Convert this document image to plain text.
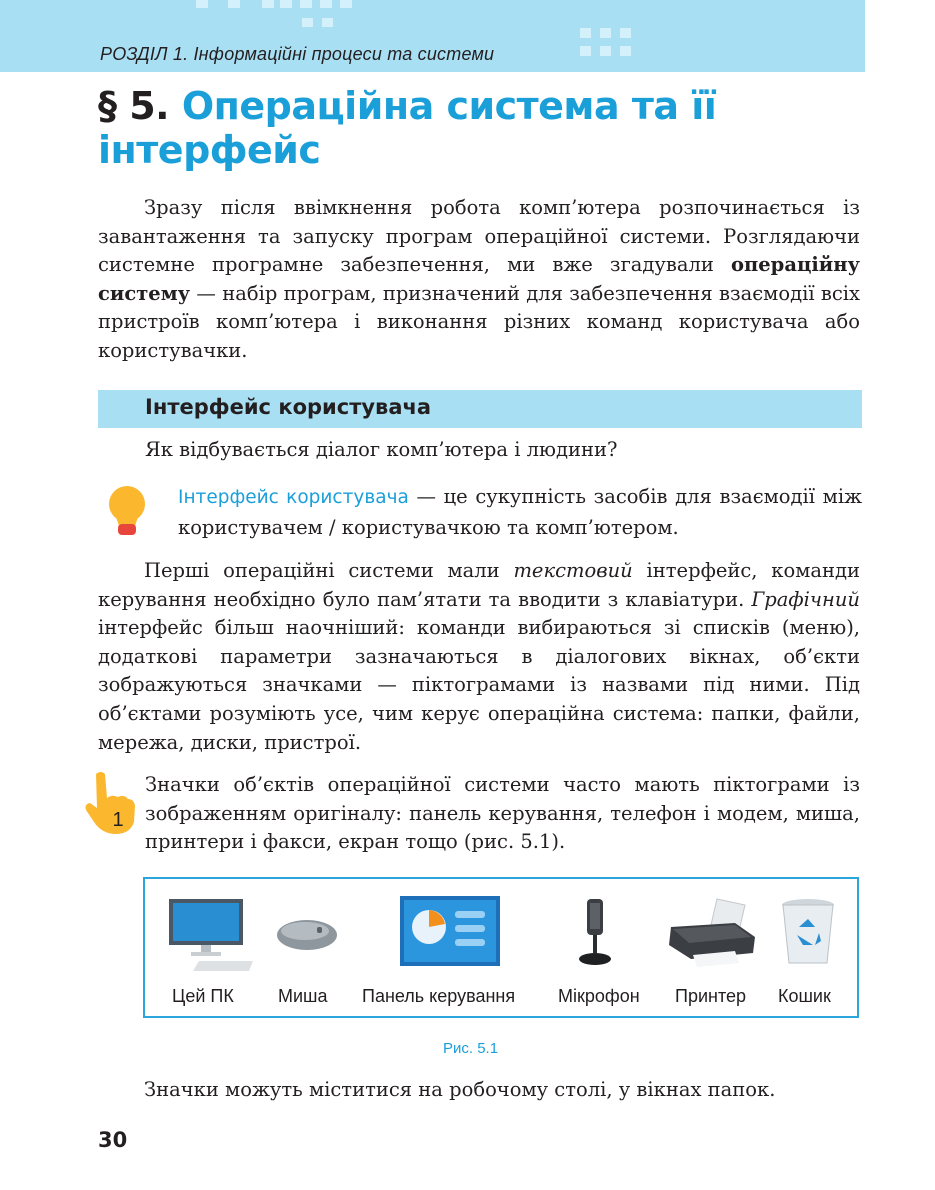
РОЗДІЛ 1. Інформаційні процеси та системи
§ 5. Операційна система та її інтерфейс

Зразу після ввімкнення робота комп’ютера розпочинається із завантаження та запуску програм операційної системи. Розглядаючи системне програмне забезпечення, ми вже згадували операційну систему — набір програм, призначений для забезпечення взаємодії всіх пристроїв комп’ютера і виконання різних команд користувача або користувачки.

Інтерфейс користувача
Як відбувається діалог комп’ютера і людини?

Інтерфейс користувача — це сукупність засобів для взаємодії між користувачем / користувачкою та комп’ютером.

Перші операційні системи мали текстовий інтерфейс, команди керування необхідно було пам’ятати та вводити з клавіатури. Графічний інтерфейс більш наочніший: команди вибираються зі списків (меню), додаткові параметри зазначаються в діалогових вікнах, об’єкти зображуються значками — піктограмами із назвами під ними. Під об’єктами розуміють усе, чим керує операційна система: папки, файли, мережа, диски, пристрої.

1

Значки об’єктів операційної системи часто мають піктограми із зображенням оригіналу: панель керування, телефон і модем, миша, принтери і факси, екран тощо (рис. 5.1).

Цей ПК Миша Панель керування Мікрофон Принтер Кошик
Рис. 5.1

Значки можуть міститися на робочому столі, у вікнах папок.

30
